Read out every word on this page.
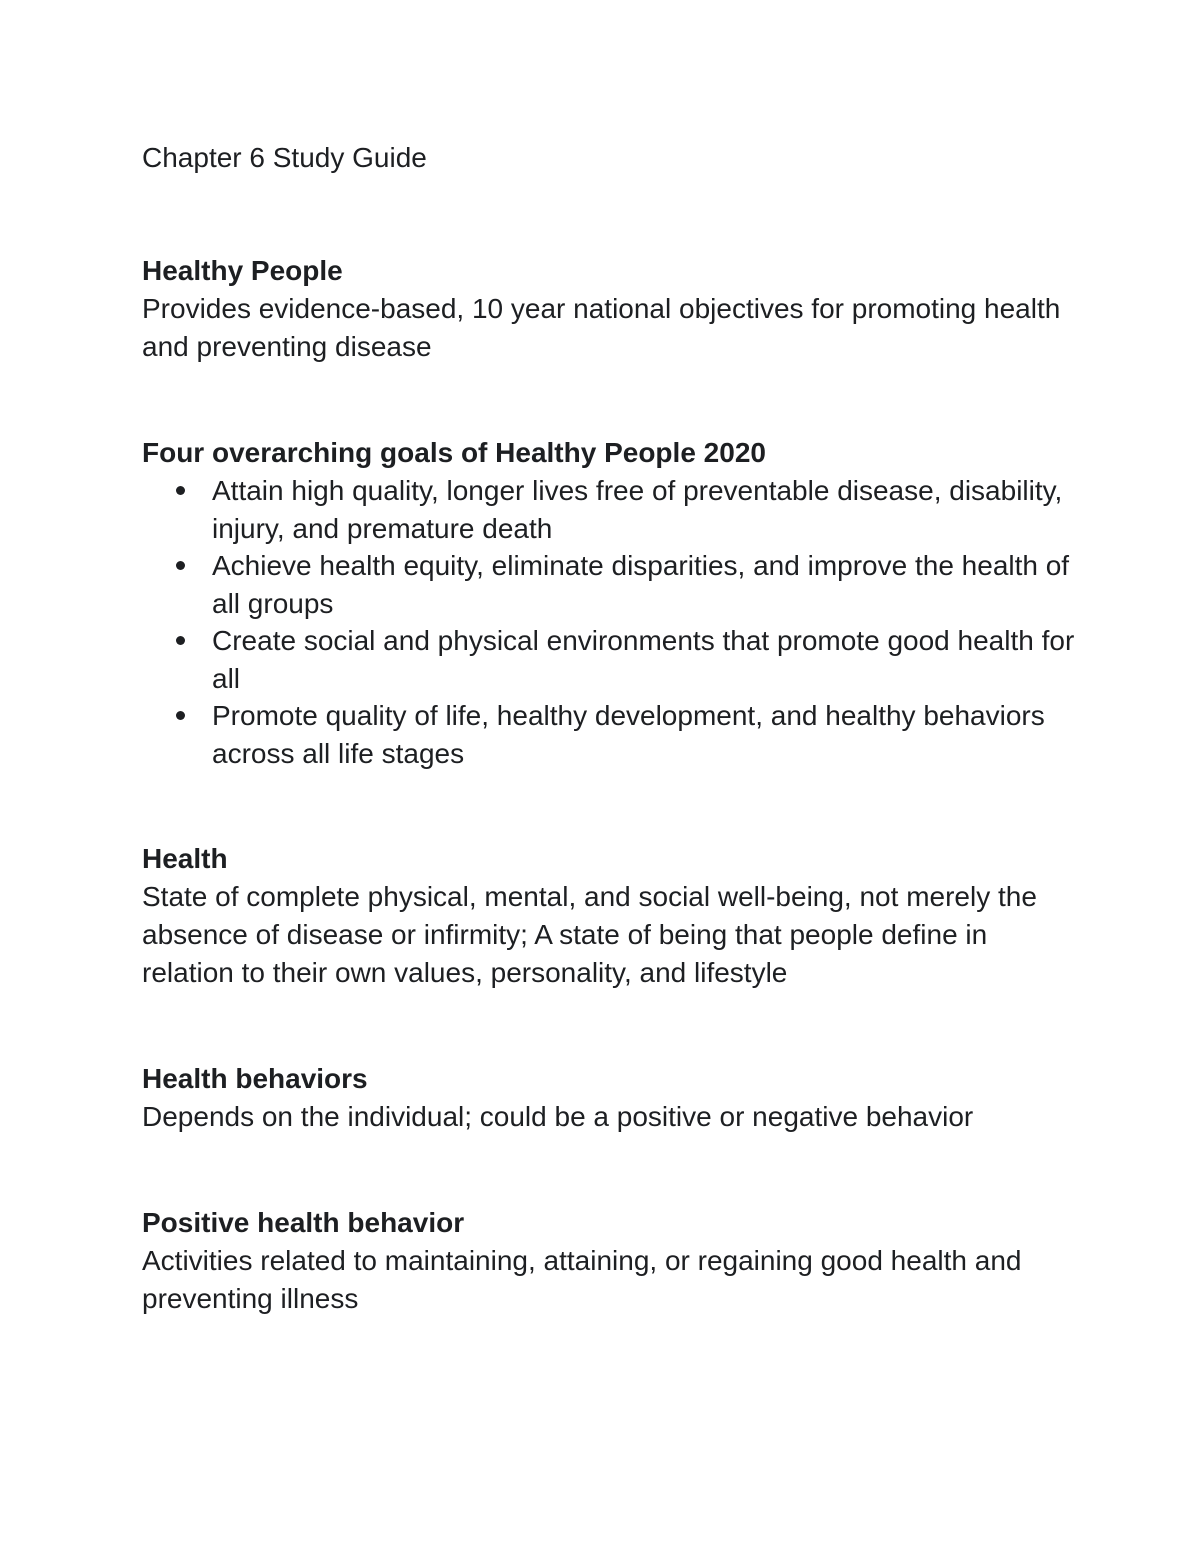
Chapter 6 Study Guide

Healthy People

Provides evidence-based, 10 year national objectives for promoting health and preventing disease

Four overarching goals of Healthy People 2020

Attain high quality, longer lives free of preventable disease, disability, injury, and premature death
Achieve health equity, eliminate disparities, and improve the health of all groups
Create social and physical environments that promote good health for all
Promote quality of life, healthy development, and healthy behaviors across all life stages

Health

State of complete physical, mental, and social well-being, not merely the absence of disease or infirmity; A state of being that people define in relation to their own values, personality, and lifestyle

Health behaviors

Depends on the individual; could be a positive or negative behavior

Positive health behavior

Activities related to maintaining, attaining, or regaining good health and preventing illness
